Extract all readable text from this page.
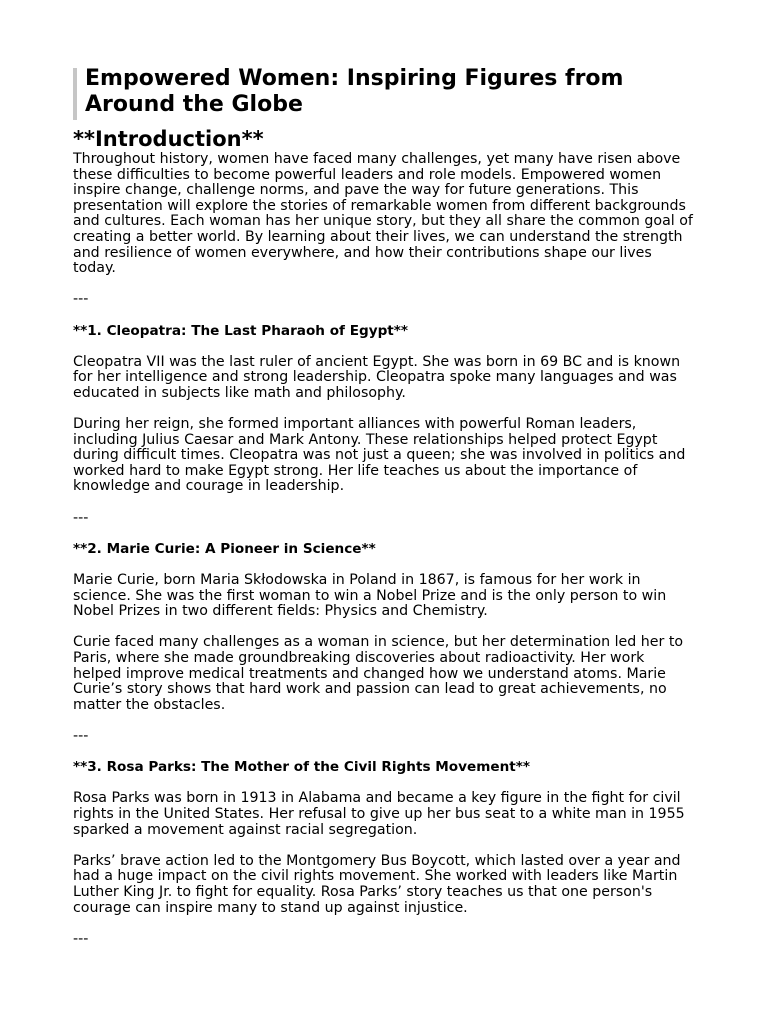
Empowered Women: Inspiring Figures from Around the Globe
**Introduction**

Throughout history, women have faced many challenges, yet many have risen above these difficulties to become powerful leaders and role models. Empowered women inspire change, challenge norms, and pave the way for future generations. This presentation will explore the stories of remarkable women from different backgrounds and cultures. Each woman has her unique story, but they all share the common goal of creating a better world. By learning about their lives, we can understand the strength and resilience of women everywhere, and how their contributions shape our lives today.

---

**1. Cleopatra: The Last Pharaoh of Egypt**

Cleopatra VII was the last ruler of ancient Egypt. She was born in 69 BC and is known for her intelligence and strong leadership. Cleopatra spoke many languages and was educated in subjects like math and philosophy.

During her reign, she formed important alliances with powerful Roman leaders, including Julius Caesar and Mark Antony. These relationships helped protect Egypt during difficult times. Cleopatra was not just a queen; she was involved in politics and worked hard to make Egypt strong. Her life teaches us about the importance of knowledge and courage in leadership.

---

**2. Marie Curie: A Pioneer in Science**

Marie Curie, born Maria Skłodowska in Poland in 1867, is famous for her work in science. She was the first woman to win a Nobel Prize and is the only person to win Nobel Prizes in two different fields: Physics and Chemistry.

Curie faced many challenges as a woman in science, but her determination led her to Paris, where she made groundbreaking discoveries about radioactivity. Her work helped improve medical treatments and changed how we understand atoms. Marie Curie’s story shows that hard work and passion can lead to great achievements, no matter the obstacles.

---

**3. Rosa Parks: The Mother of the Civil Rights Movement**

Rosa Parks was born in 1913 in Alabama and became a key figure in the fight for civil rights in the United States. Her refusal to give up her bus seat to a white man in 1955 sparked a movement against racial segregation.

Parks’ brave action led to the Montgomery Bus Boycott, which lasted over a year and had a huge impact on the civil rights movement. She worked with leaders like Martin Luther King Jr. to fight for equality. Rosa Parks’ story teaches us that one person's courage can inspire many to stand up against injustice.

---
